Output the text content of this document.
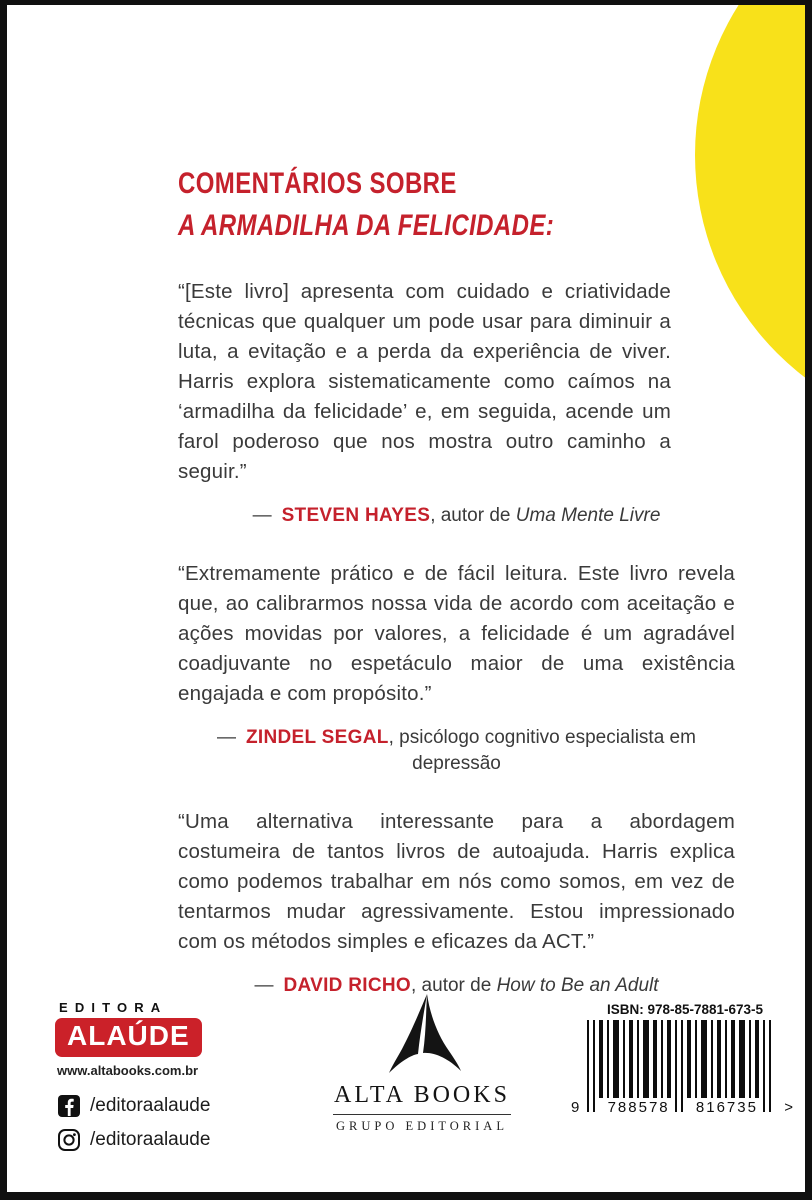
COMENTÁRIOS SOBRE
A ARMADILHA DA FELICIDADE:

“[Este livro] apresenta com cuidado e criatividade técnicas que qualquer um pode usar para diminuir a luta, a evitação e a perda da experiência de viver. Harris explora sistematicamente como caímos na ‘armadilha da felicidade’ e, em seguida, acende um farol poderoso que nos mostra outro caminho a seguir.”

— STEVEN HAYES, autor de Uma Mente Livre

“Extremamente prático e de fácil leitura. Este livro revela que, ao calibrarmos nossa vida de acordo com aceitação e ações movidas por valores, a felicidade é um agradável coadjuvante no espetáculo maior de uma existência engajada e com propósito.”

— ZINDEL SEGAL, psicólogo cognitivo especialista em depressão

“Uma alternativa interessante para a abordagem costumeira de tantos livros de autoajuda. Harris explica como podemos trabalhar em nós como somos, em vez de tentarmos mudar agressivamente. Estou impressionado com os métodos simples e eficazes da ACT.”

— DAVID RICHO, autor de How to Be an Adult

EDITORA
ALAÚDE
www.altabooks.com.br
/editoraalaude
/editoraalaude
ALTA BOOKS
GRUPO EDITORIAL
ISBN: 978-85-7881-673-5
9 788578 816735 >
